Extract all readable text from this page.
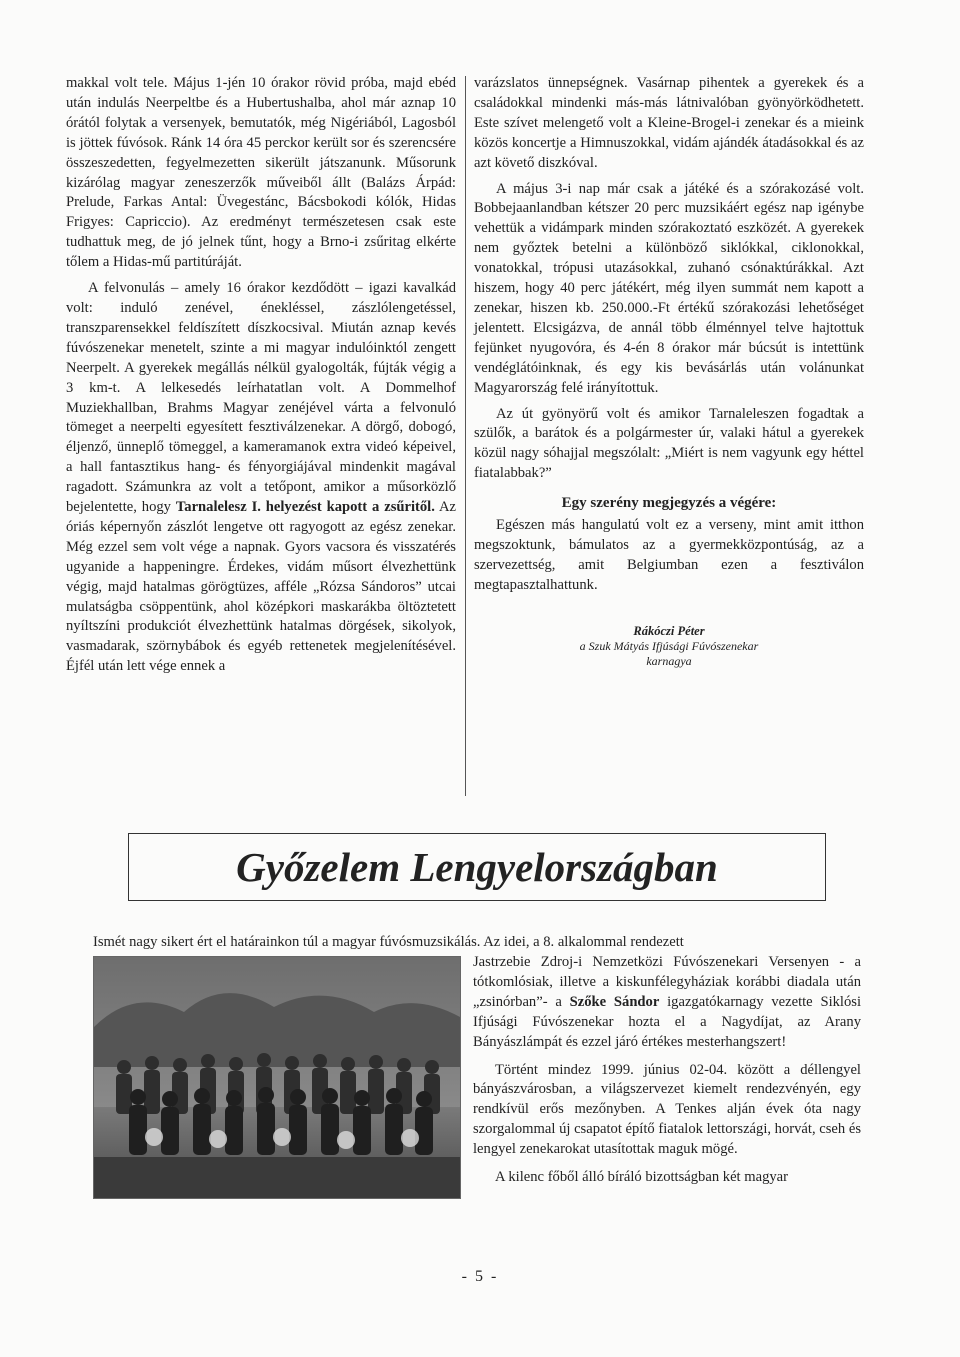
makkal volt tele. Május 1-jén 10 órakor rövid próba, majd ebéd után indulás Neerpeltbe és a Hubertushalba, ahol már aznap 10 órától folytak a versenyek, bemutatók, még Nigériából, Lagosból is jöttek fúvósok. Ránk 14 óra 45 perckor került sor és szerencsére összeszedetten, fegyelmezetten sikerült játszanunk. Műsorunk kizárólag magyar zeneszerzők műveiből állt (Balázs Árpád: Prelude, Farkas Antal: Üvegestánc, Bácsbokodi kólók, Hidas Frigyes: Capriccio). Az eredményt természetesen csak este tudhattuk meg, de jó jelnek tűnt, hogy a Brno-i zsűritag elkérte tőlem a Hidas-mű partitúráját.

A felvonulás – amely 16 órakor kezdődött – igazi kavalkád volt: induló zenével, énekléssel, zászlólengetéssel, transzparensekkel feldíszített díszkocsival. Miután aznap kevés fúvószenekar menetelt, szinte a mi magyar indulóinktól zengett Neerpelt. A gyerekek megállás nélkül gyalogolták, fújták végig a 3 km-t. A lelkesedés leírhatatlan volt. A Dommelhof Muziekhallban, Brahms Magyar zenéjével várta a felvonuló tömeget a neerpelti egyesített fesztiválzenekar. A dörgő, dobogó, éljenző, ünneplő tömeggel, a kameramanok extra videó képeivel, a hall fantasztikus hang- és fényorgiájával mindenkit magával ragadott. Számunkra az volt a tetőpont, amikor a műsorközlő bejelentette, hogy Tarnalelesz I. helyezést kapott a zsűritől. Az óriás képernyőn zászlót lengetve ott ragyogott az egész zenekar. Még ezzel sem volt vége a napnak. Gyors vacsora és visszatérés ugyanide a happeningre. Érdekes, vidám műsort élvezhettünk végig, majd hatalmas görögtüzes, afféle „Rózsa Sándoros” utcai mulatságba csöppentünk, ahol középkori maskarákba öltöztetett nyíltszíni produkciót élvezhettünk hatalmas dörgések, sikolyok, vasmadarak, szörnybábok és egyéb rettenetek megjelenítésével. Éjfél után lett vége ennek a

varázslatos ünnepségnek. Vasárnap pihentek a gyerekek és a családokkal mindenki más-más látnivalóban gyönyörködhetett. Este szívet melengető volt a Kleine-Brogel-i zenekar és a mieink közös koncertje a Himnuszokkal, vidám ajándék átadásokkal és az azt követő diszkóval.

A május 3-i nap már csak a játéké és a szórakozásé volt. Bobbejaanlandban kétszer 20 perc muzsikáért egész nap igénybe vehettük a vidámpark minden szórakoztató eszközét. A gyerekek nem győztek betelni a különböző siklókkal, ciklonokkal, vonatokkal, trópusi utazásokkal, zuhanó csónaktúrákkal. Azt hiszem, hogy 40 perc játékért, még ilyen summát nem kapott a zenekar, hiszen kb. 250.000.-Ft értékű szórakozási lehetőséget jelentett. Elcsigázva, de annál több élménnyel telve hajtottuk fejünket nyugovóra, és 4-én 8 órakor már búcsút is intettünk vendéglátóinknak, és egy kis bevásárlás után volánunkat Magyarország felé irányítottuk.

Az út gyönyörű volt és amikor Tarnaleleszen fogadtak a szülők, a barátok és a polgármester úr, valaki hátul a gyerekek közül nagy sóhajjal megszólalt: „Miért is nem vagyunk egy héttel fiatalabbak?”

Egy szerény megjegyzés a végére:

Egészen más hangulatú volt ez a verseny, mint amit itthon megszoktunk, bámulatos az a gyermekközpontúság, az a szervezettség, amit Belgiumban ezen a fesztiválon megtapasztalhattunk.

Rákóczi Péter
a Szuk Mátyás Ifjúsági Fúvószenekar
karnagya
Győzelem Lengyelországban
Ismét nagy sikert ért el határainkon túl a magyar fúvósmuzsikálás. Az idei, a 8. alkalommal rendezett

Jastrzebie Zdroj-i Nemzetközi Fúvószenekari Versenyen - a tótkomlósiak, illetve a kiskunfélegyháziak korábbi diadala után „zsinórban”- a Szőke Sándor igazgatókarnagy vezette Siklósi Ifjúsági Fúvószenekar hozta el a Nagydíjat, az Arany Bányászlámpát és ezzel járó értékes mesterhangszert!

Történt mindez 1999. június 02-04. között a déllengyel bányászvárosban, a világszervezet kiemelt rendezvényén, egy rendkívül erős mezőnyben. A Tenkes alján évek óta nagy szorgalommal új csapatot építő fiatalok lettországi, horvát, cseh és lengyel zenekarokat utasítottak maguk mögé.

A kilenc főből álló bíráló bizottságban két magyar

- 5 -
